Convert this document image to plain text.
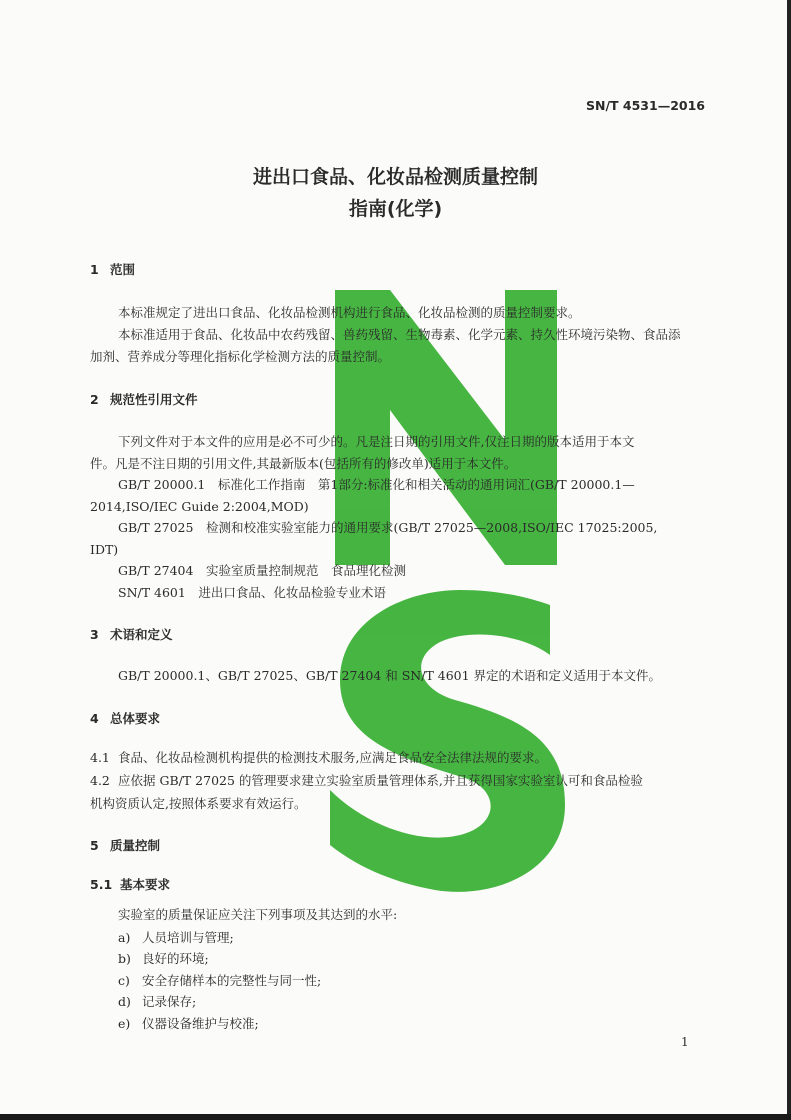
SN/T 4531—2016
进出口食品、化妆品检测质量控制
指南(化学)
1 范围
本标准规定了进出口食品、化妆品检测机构进行食品、化妆品检测的质量控制要求。
本标准适用于食品、化妆品中农药残留、兽药残留、生物毒素、化学元素、持久性环境污染物、食品添
加剂、营养成分等理化指标化学检测方法的质量控制。
2 规范性引用文件
下列文件对于本文件的应用是必不可少的。凡是注日期的引用文件,仅注日期的版本适用于本文
件。凡是不注日期的引用文件,其最新版本(包括所有的修改单)适用于本文件。
GB/T 20000.1　标准化工作指南　第1部分:标准化和相关活动的通用词汇(GB/T 20000.1—
2014,ISO/IEC Guide 2:2004,MOD)
GB/T 27025　检测和校准实验室能力的通用要求(GB/T 27025—2008,ISO/IEC 17025:2005,
IDT)
GB/T 27404　实验室质量控制规范　食品理化检测
SN/T 4601　进出口食品、化妆品检验专业术语
3 术语和定义
GB/T 20000.1、GB/T 27025、GB/T 27404 和 SN/T 4601 界定的术语和定义适用于本文件。
4 总体要求
4.1 食品、化妆品检测机构提供的检测技术服务,应满足食品安全法律法规的要求。
4.2 应依据 GB/T 27025 的管理要求建立实验室质量管理体系,并且获得国家实验室认可和食品检验
机构资质认定,按照体系要求有效运行。
5 质量控制
5.1 基本要求
实验室的质量保证应关注下列事项及其达到的水平:
a) 人员培训与管理;
b) 良好的环境;
c) 安全存储样本的完整性与同一性;
d) 记录保存;
e) 仪器设备维护与校准;
1
